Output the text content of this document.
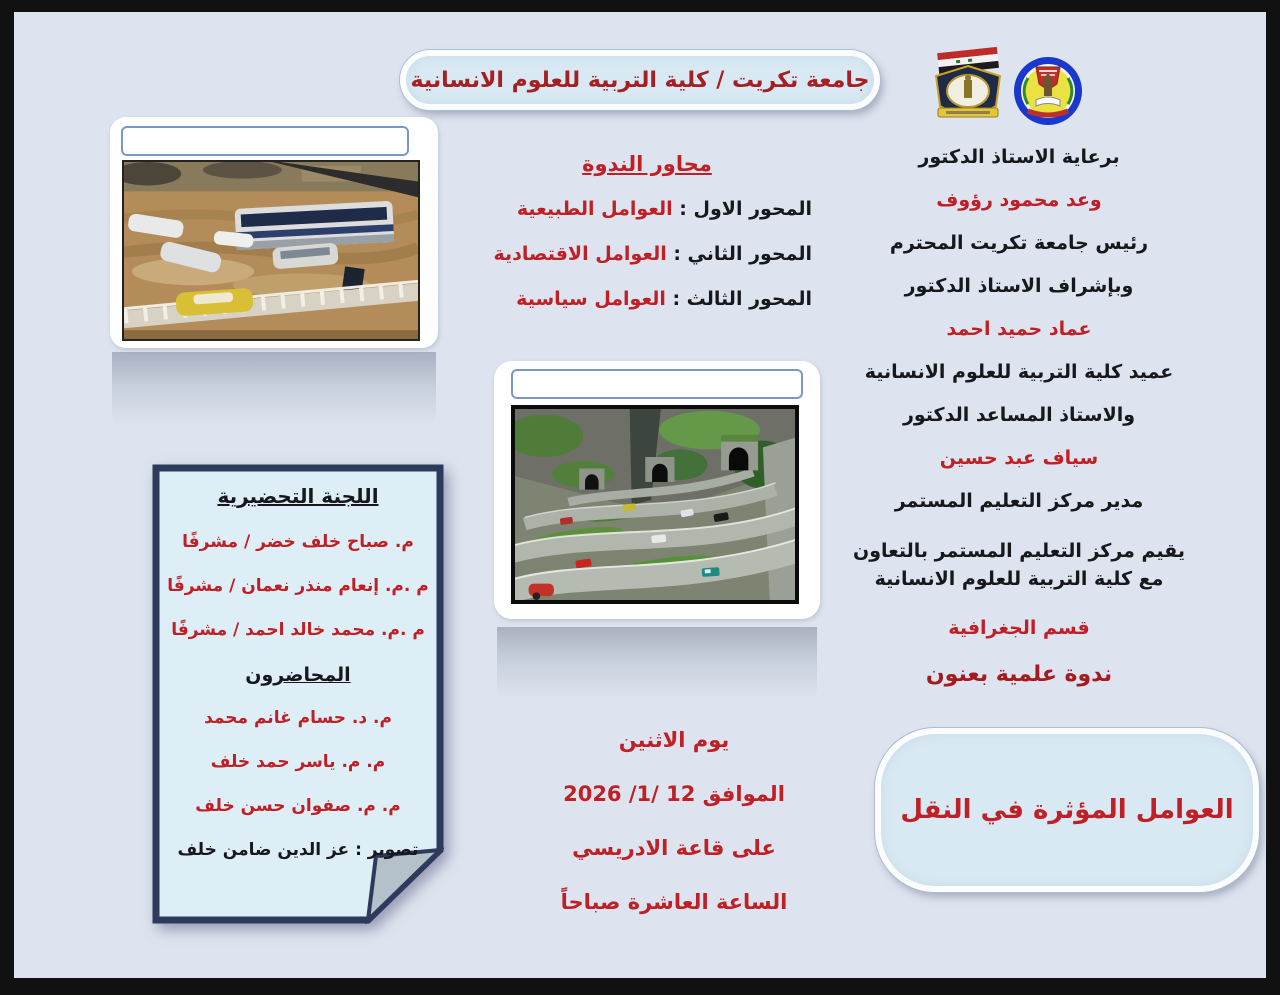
جامعة تكريت / كلية التربية للعلوم الانسانية
برعاية الاستاذ الدكتور
وعد محمود رؤوف
رئيس جامعة تكريت المحترم
وبإشراف الاستاذ الدكتور
عماد حميد احمد
عميد كلية التربية للعلوم الانسانية
والاستاذ المساعد الدكتور
سياف عبد حسين
مدير مركز التعليم المستمر
يقيم مركز التعليم المستمر بالتعاون مع كلية التربية للعلوم الانسانية
قسم الجغرافية
ندوة علمية بعنون
محاور الندوة
المحور الاول :
العوامل الطبيعية
المحور الثاني :
العوامل الاقتصادية
المحور الثالث :
العوامل سياسية
اللجنة التحضيرية
م. صباح خلف خضر / مشرفًا
م .م. إنعام منذر نعمان / مشرفًا
م .م. محمد خالد احمد / مشرفًا
المحاضرون
م. د. حسام غانم محمد
م. م. ياسر حمد خلف
م. م. صفوان حسن خلف
تصوير : عز الدين ضامن خلف
يوم الاثنين
الموافق 12 /1/ 2026
على قاعة الادريسي
الساعة العاشرة صباحاً
العوامل المؤثرة في النقل
